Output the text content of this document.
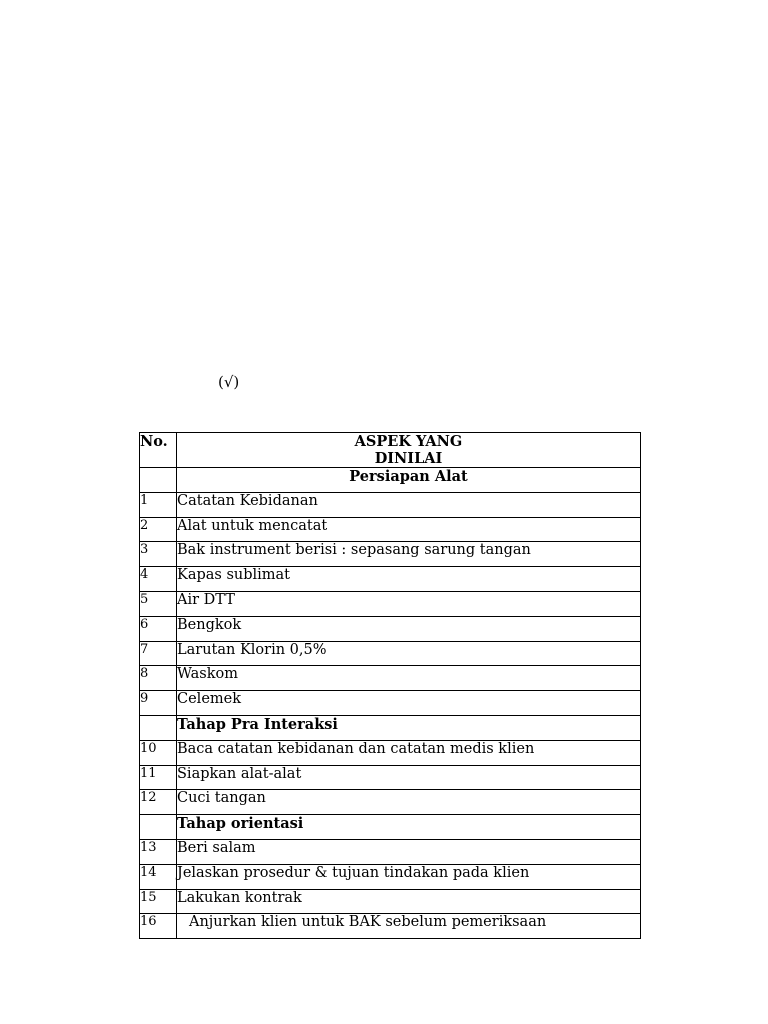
(√)
No.	ASPEK YANG
DINILAI

	Persiapan Alat
1	Catatan Kebidanan
2	Alat untuk mencatat
3	Bak instrument berisi : sepasang sarung tangan
4	Kapas sublimat
5	Air DTT
6	Bengkok
7	Larutan Klorin 0,5%
8	Waskom
9	Celemek
	Tahap Pra Interaksi
10	Baca catatan kebidanan dan catatan medis klien
11	Siapkan alat-alat
12	Cuci tangan
	Tahap orientasi
13	Beri salam
14	Jelaskan prosedur & tujuan tindakan pada klien
15	Lakukan kontrak
16	Anjurkan klien untuk BAK sebelum pemeriksaan
